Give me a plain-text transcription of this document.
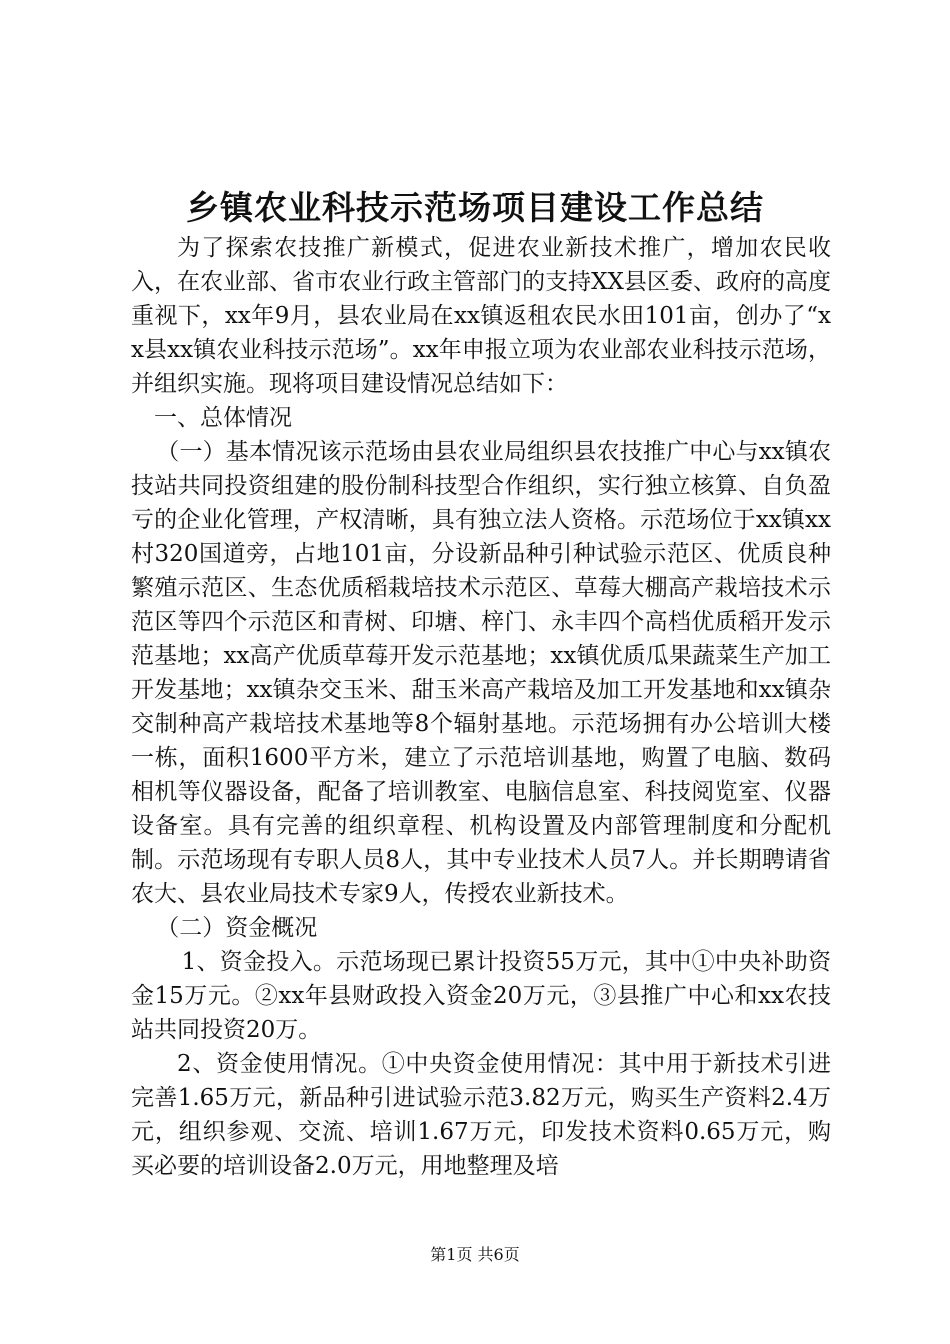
乡镇农业科技示范场项目建设工作总结

为了探索农技推广新模式，促进农业新技术推广，增加农民收入，在农业部、省市农业行政主管部门的支持XX县区委、政府的高度重视下，xx年9月，县农业局在xx镇返租农民水田101亩，创办了“xx县xx镇农业科技示范场”。xx年申报立项为农业部农业科技示范场，并组织实施。现将项目建设情况总结如下：

一、总体情况

（一）基本情况该示范场由县农业局组织县农技推广中心与xx镇农技站共同投资组建的股份制科技型合作组织，实行独立核算、自负盈亏的企业化管理，产权清晰，具有独立法人资格。示范场位于xx镇xx村320国道旁，占地101亩，分设新品种引种试验示范区、优质良种繁殖示范区、生态优质稻栽培技术示范区、草莓大棚高产栽培技术示范区等四个示范区和青树、印塘、梓门、永丰四个高档优质稻开发示范基地；xx高产优质草莓开发示范基地；xx镇优质瓜果蔬菜生产加工开发基地；xx镇杂交玉米、甜玉米高产栽培及加工开发基地和xx镇杂交制种高产栽培技术基地等8个辐射基地。示范场拥有办公培训大楼一栋，面积1600平方米，建立了示范培训基地，购置了电脑、数码相机等仪器设备，配备了培训教室、电脑信息室、科技阅览室、仪器设备室。具有完善的组织章程、机构设置及内部管理制度和分配机制。示范场现有专职人员8人，其中专业技术人员7人。并长期聘请省农大、县农业局技术专家9人，传授农业新技术。

（二）资金概况

1、资金投入。示范场现已累计投资55万元，其中①中央补助资金15万元。②xx年县财政投入资金20万元，③县推广中心和xx农技站共同投资20万。

2、资金使用情况。①中央资金使用情况：其中用于新技术引进完善1.65万元，新品种引进试验示范3.82万元，购买生产资料2.4万元，组织参观、交流、培训1.67万元，印发技术资料0.65万元，购买必要的培训设备2.0万元，用地整理及培

第1页 共6页
